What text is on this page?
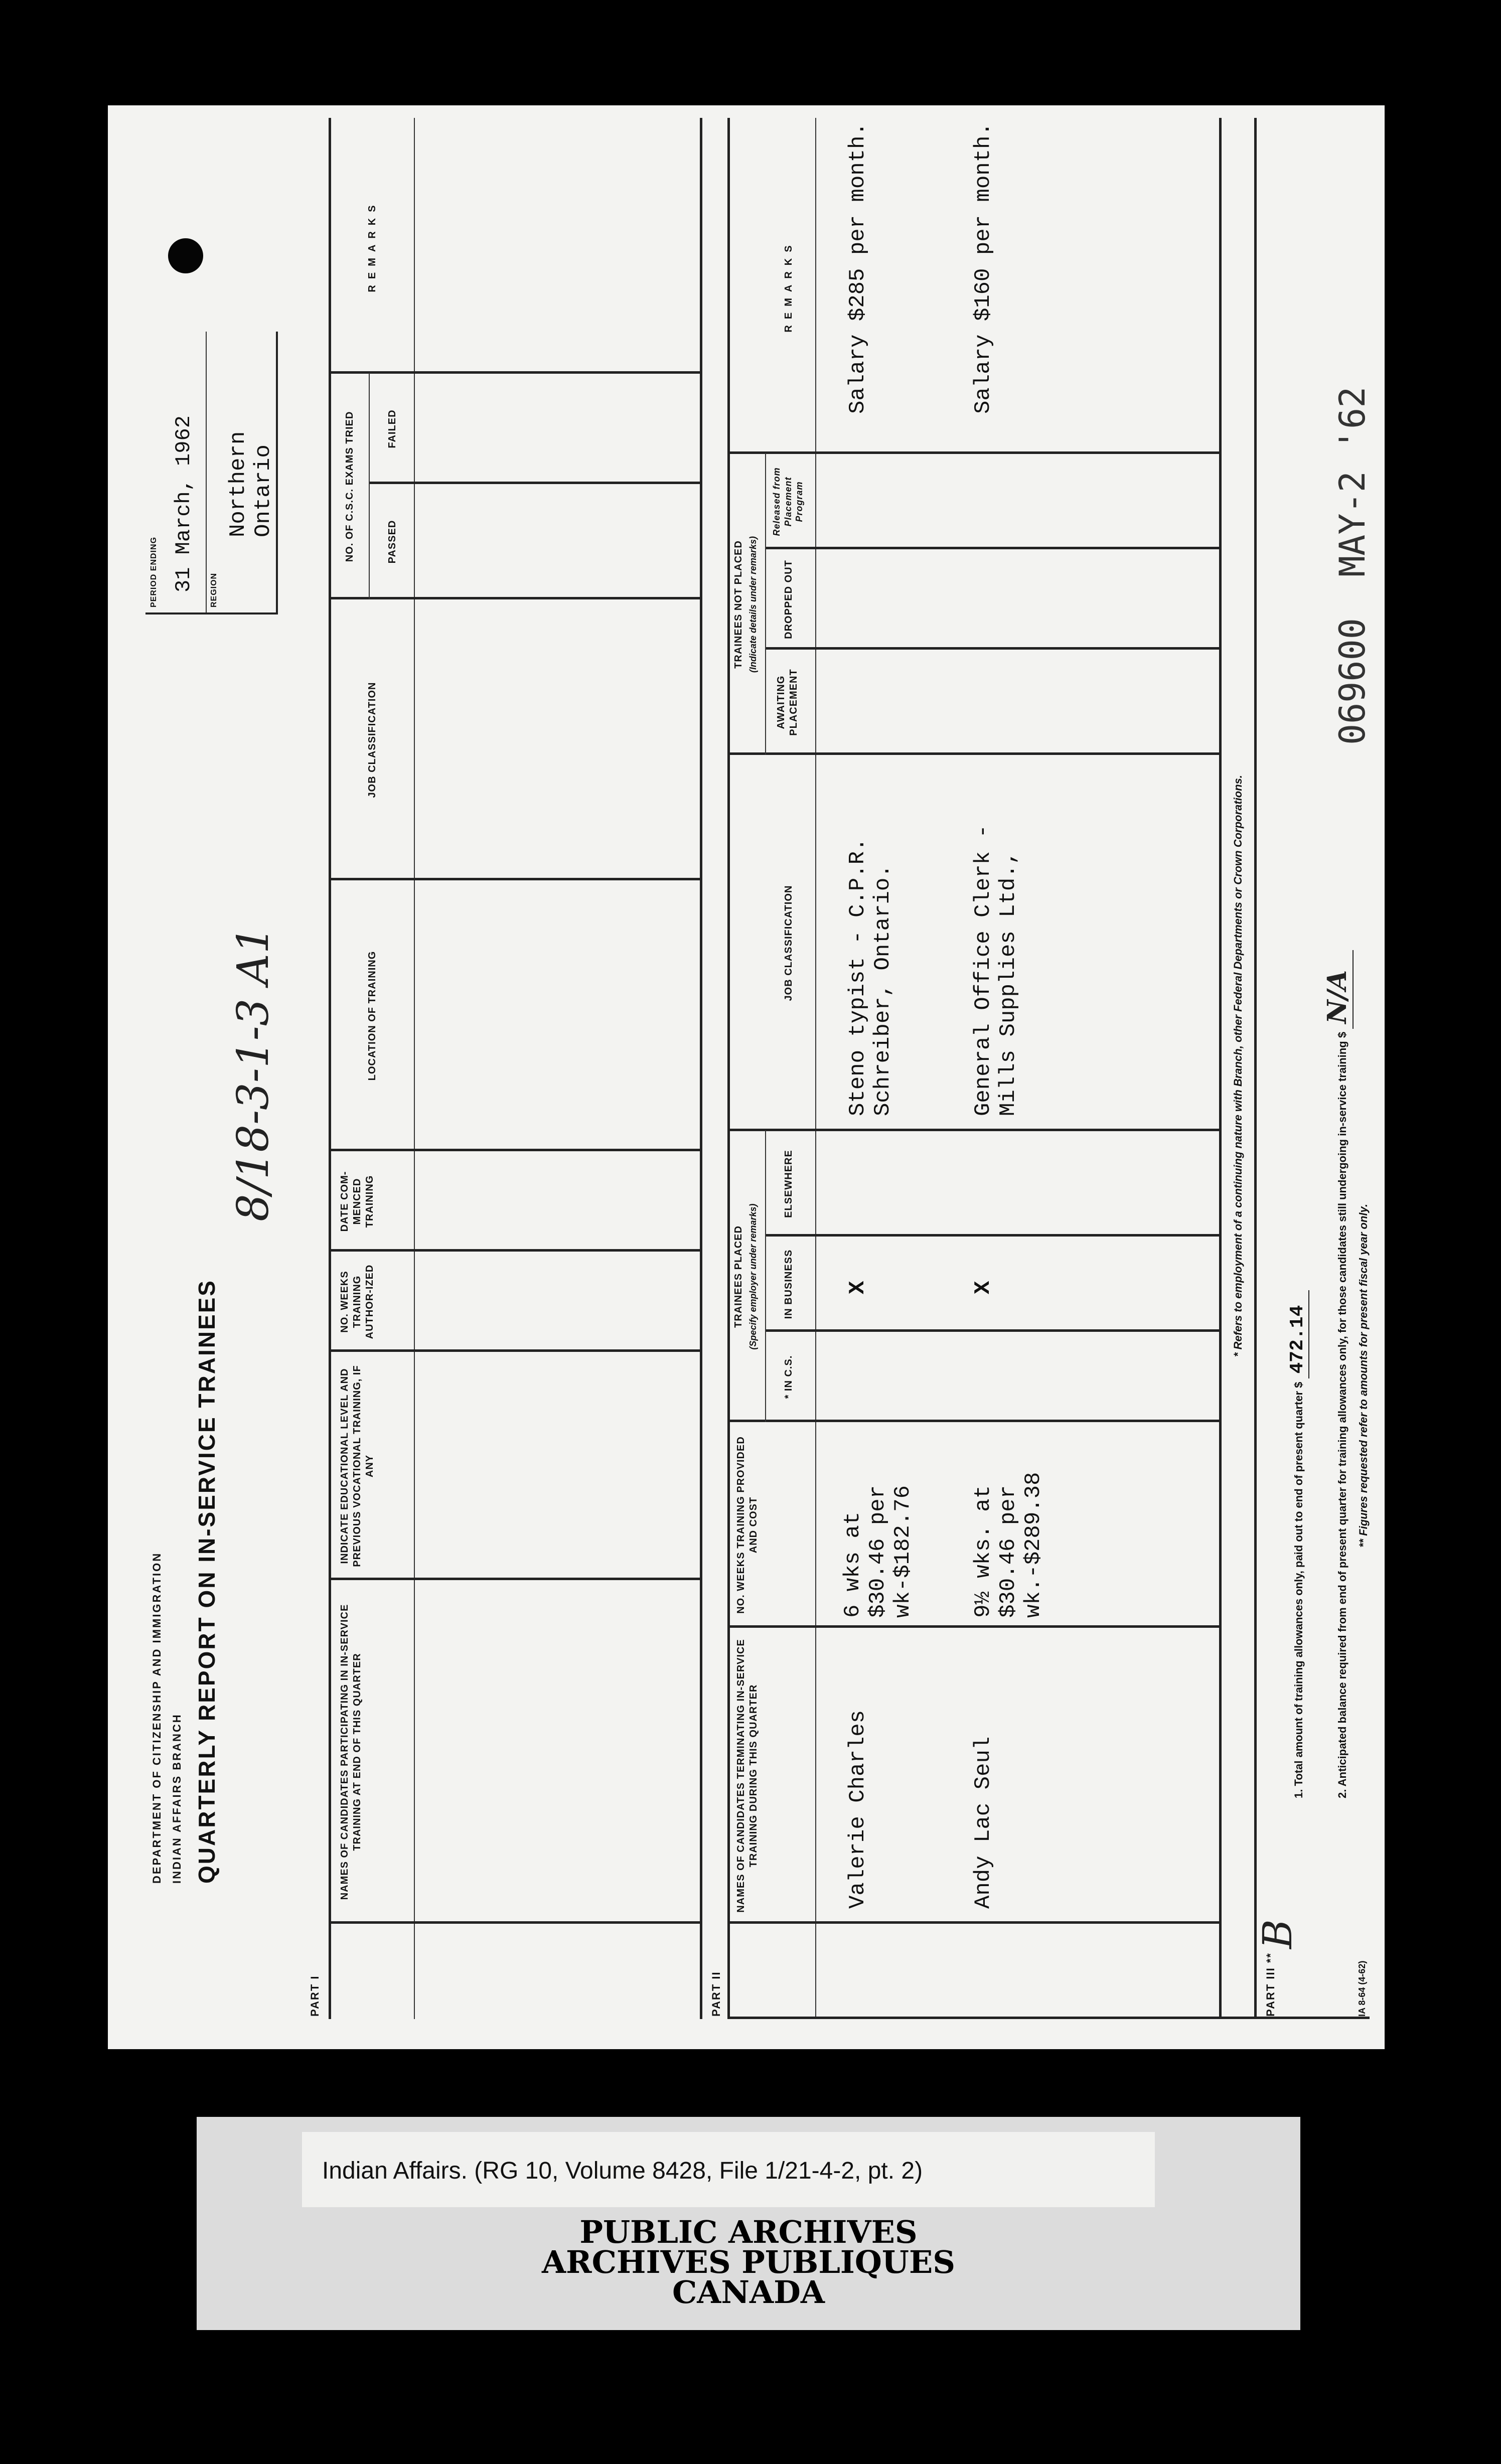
DEPARTMENT OF CITIZENSHIP AND IMMIGRATION INDIAN AFFAIRS BRANCH QUARTERLY REPORT ON IN-SERVICE TRAINEES
8/18-3-1-3 A1
PERIOD ENDING 31 March, 1962 REGION
Northern Ontario
PART I
NAMES OF CANDIDATES PARTICIPATING IN IN-SERVICE TRAINING AT END OF THIS QUARTER
INDICATE EDUCATIONAL LEVEL AND PREVIOUS VOCATIONAL TRAINING, IF ANY
NO. WEEKS TRAINING AUTHOR-IZED
DATE COM-MENCED TRAINING
LOCATION OF TRAINING
JOB CLASSIFICATION
NO. OF C.S.C. EXAMS TRIED	PASSED
FAILED
REMARKS
PART II
NAMES OF CANDIDATES TERMINATING IN-SERVICE TRAINING DURING THIS QUARTER
NO. WEEKS TRAINING PROVIDED AND COST
TRAINEES PLACED (Specify employer under remarks)
* IN C.S.
IN BUSINESS
ELSEWHERE
JOB CLASSIFICATION
TRAINEES NOT PLACED (Indicate details under remarks)
AWAITING PLACEMENT
DROPPED OUT
Released from Placement Program
REMARKS
Valerie Charles
6 wks at $30.46 per wk-$182.76
X
Steno typist - C.P.R. Schreiber, Ontario.
Salary $285 per month.
Andy Lac Seul
9½ wks. at $30.46 per wk.-$289.38
X
General Office Clerk - Mills Supplies Ltd.,
Salary $160 per month.
* Refers to employment of a continuing nature with Branch, other Federal Departments or Crown Corporations.
PART III **
B
1. Total amount of training allowances only, paid out to end of present quarter $ 472.14	2. Anticipated balance required from end of present quarter for training allowances only, for those candidates still undergoing in-service training $ N/A
** Figures requested refer to amounts for present fiscal year only.
IA 8-64 (4-62)
069600 MAY-2 '62
Indian Affairs. (RG 10, Volume 8428, File 1/21-4-2, pt. 2)
PUBLIC ARCHIVES
ARCHIVES PUBLIQUES
CANADA
